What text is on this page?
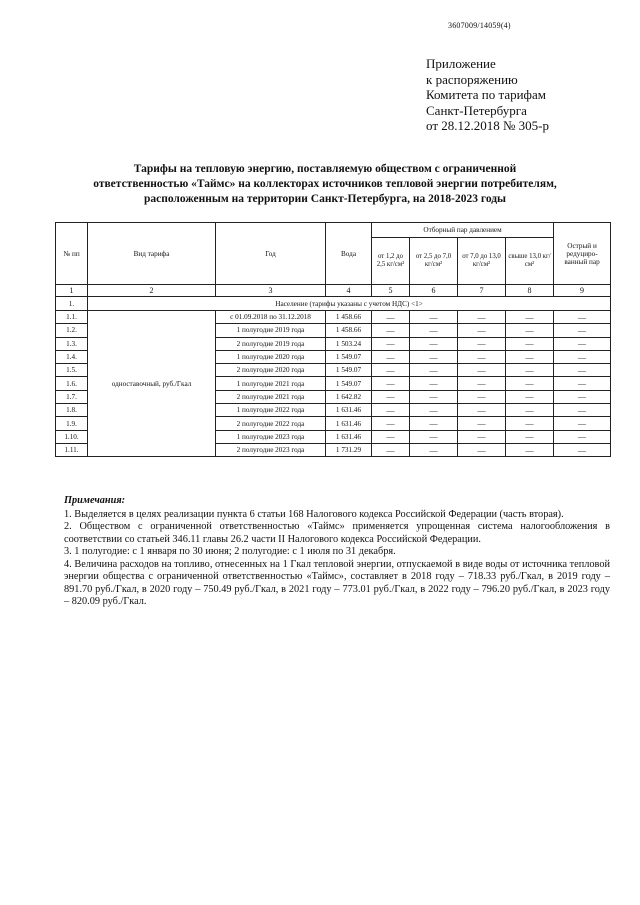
3607009/14059(4)
Приложение
к распоряжению
Комитета по тарифам
Санкт-Петербурга
от 28.12.2018 № 305-р
Тарифы на тепловую энергию, поставляемую обществом с ограниченной
ответственностью «Таймс» на коллекторах источников тепловой энергии потребителям,
расположенным на территории Санкт-Петербурга, на 2018-2023 годы
№ пп	Вид тарифа	Год	Вода	Отборный пар давлением				Острый и редуциро-ванный пар
				от 1,2 до 2,5 кг/см²	от 2,5 до 7,0 кг/см²	от 7,0 до 13,0 кг/см²	свыше 13,0 кг/см²	
1	2	3	4	5	6	7	8	9
1.	Население (тарифы указаны с учетом НДС) <1>							
1.1.	одноставочный, руб./Гкал	с 01.09.2018 по 31.12.2018	1 458.66	—	—	—	—	—
1.2.		1 полугодие 2019 года	1 458.66	—	—	—	—	—
1.3.		2 полугодие 2019 года	1 503.24	—	—	—	—	—
1.4.		1 полугодие 2020 года	1 549.07	—	—	—	—	—
1.5.		2 полугодие 2020 года	1 549.07	—	—	—	—	—
1.6.		1 полугодие 2021 года	1 549.07	—	—	—	—	—
1.7.		2 полугодие 2021 года	1 642.82	—	—	—	—	—
1.8.		1 полугодие 2022 года	1 631.46	—	—	—	—	—
1.9.		2 полугодие 2022 года	1 631.46	—	—	—	—	—
1.10.		1 полугодие 2023 года	1 631.46	—	—	—	—	—
1.11.		2 полугодие 2023 года	1 731.29	—	—	—	—	—
Примечания:

1. Выделяется в целях реализации пункта 6 статьи 168 Налогового кодекса Российской Федерации (часть вторая).

2. Обществом с ограниченной ответственностью «Таймс» применяется упрощенная система налогообложения в соответствии со статьей 346.11 главы 26.2 части II Налогового кодекса Российской Федерации.

3. 1 полугодие: с 1 января по 30 июня; 2 полугодие: с 1 июля по 31 декабря.

4. Величина расходов на топливо, отнесенных на 1 Гкал тепловой энергии, отпускаемой в виде воды от источника тепловой энергии общества с ограниченной ответственностью «Таймс», составляет в 2018 году – 718.33 руб./Гкал, в 2019 году – 891.70 руб./Гкал, в 2020 году – 750.49 руб./Гкал, в 2021 году – 773.01 руб./Гкал, в 2022 году – 796.20 руб./Гкал, в 2023 году – 820.09 руб./Гкал.
